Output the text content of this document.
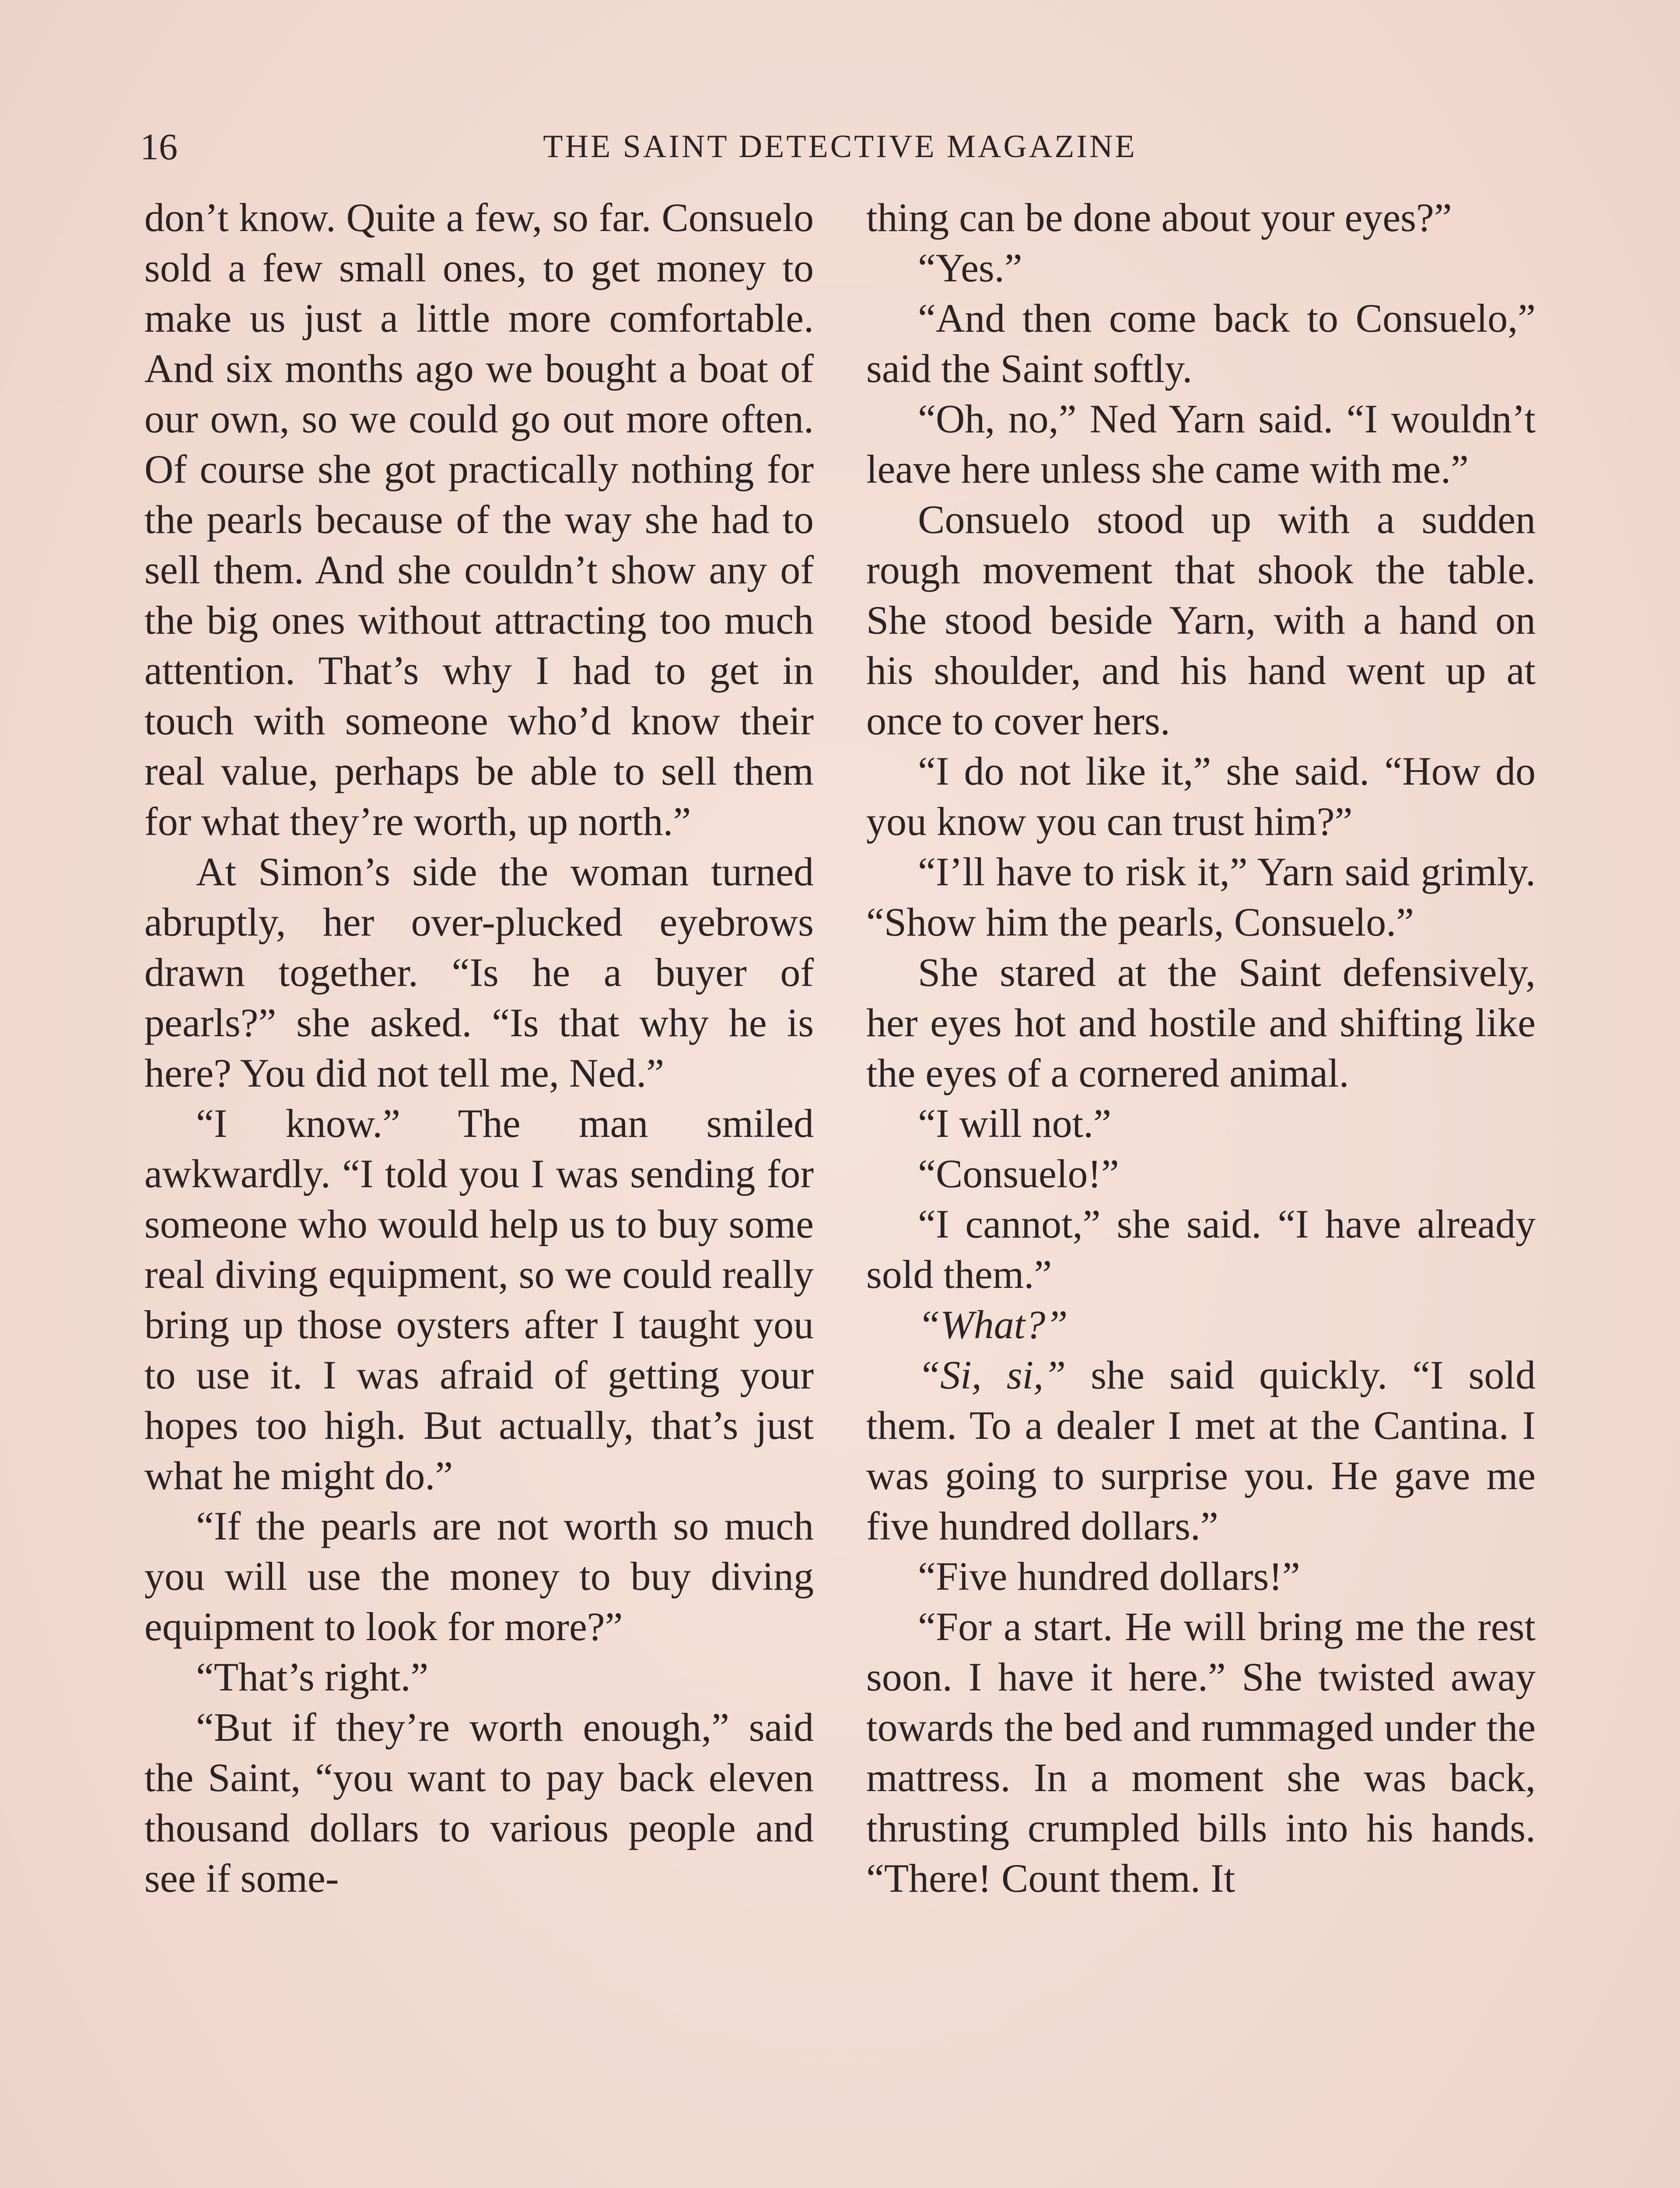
16	THE SAINT DETECTIVE MAGAZINE

don’t know. Quite a few, so far. Consuelo sold a few small ones, to get money to make us just a little more comfortable. And six months ago we bought a boat of our own, so we could go out more often. Of course she got practically nothing for the pearls because of the way she had to sell them. And she couldn’t show any of the big ones without attracting too much attention. That’s why I had to get in touch with someone who’d know their real value, perhaps be able to sell them for what they’re worth, up north.”

At Simon’s side the woman turned abruptly, her over-plucked eyebrows drawn together. “Is he a buyer of pearls?” she asked. “Is that why he is here? You did not tell me, Ned.”

“I know.” The man smiled awkwardly. “I told you I was sending for someone who would help us to buy some real diving equipment, so we could really bring up those oysters after I taught you to use it. I was afraid of getting your hopes too high. But actually, that’s just what he might do.”

“If the pearls are not worth so much you will use the money to buy diving equipment to look for more?”

“That’s right.”

“But if they’re worth enough,” said the Saint, “you want to pay back eleven thousand dollars to various people and see if some-

thing can be done about your eyes?”

“Yes.”

“And then come back to Consuelo,” said the Saint softly.

“Oh, no,” Ned Yarn said. “I wouldn’t leave here unless she came with me.”

Consuelo stood up with a sudden rough movement that shook the table. She stood beside Yarn, with a hand on his shoulder, and his hand went up at once to cover hers.

“I do not like it,” she said. “How do you know you can trust him?”

“I’ll have to risk it,” Yarn said grimly. “Show him the pearls, Consuelo.”

She stared at the Saint defensively, her eyes hot and hostile and shifting like the eyes of a cornered animal.

“I will not.”

“Consuelo!”

“I cannot,” she said. “I have already sold them.”

“What?”

“Si, si,” she said quickly. “I sold them. To a dealer I met at the Cantina. I was going to surprise you. He gave me five hundred dollars.”

“Five hundred dollars!”

“For a start. He will bring me the rest soon. I have it here.” She twisted away towards the bed and rummaged under the mattress. In a moment she was back, thrusting crumpled bills into his hands. “There! Count them. It
